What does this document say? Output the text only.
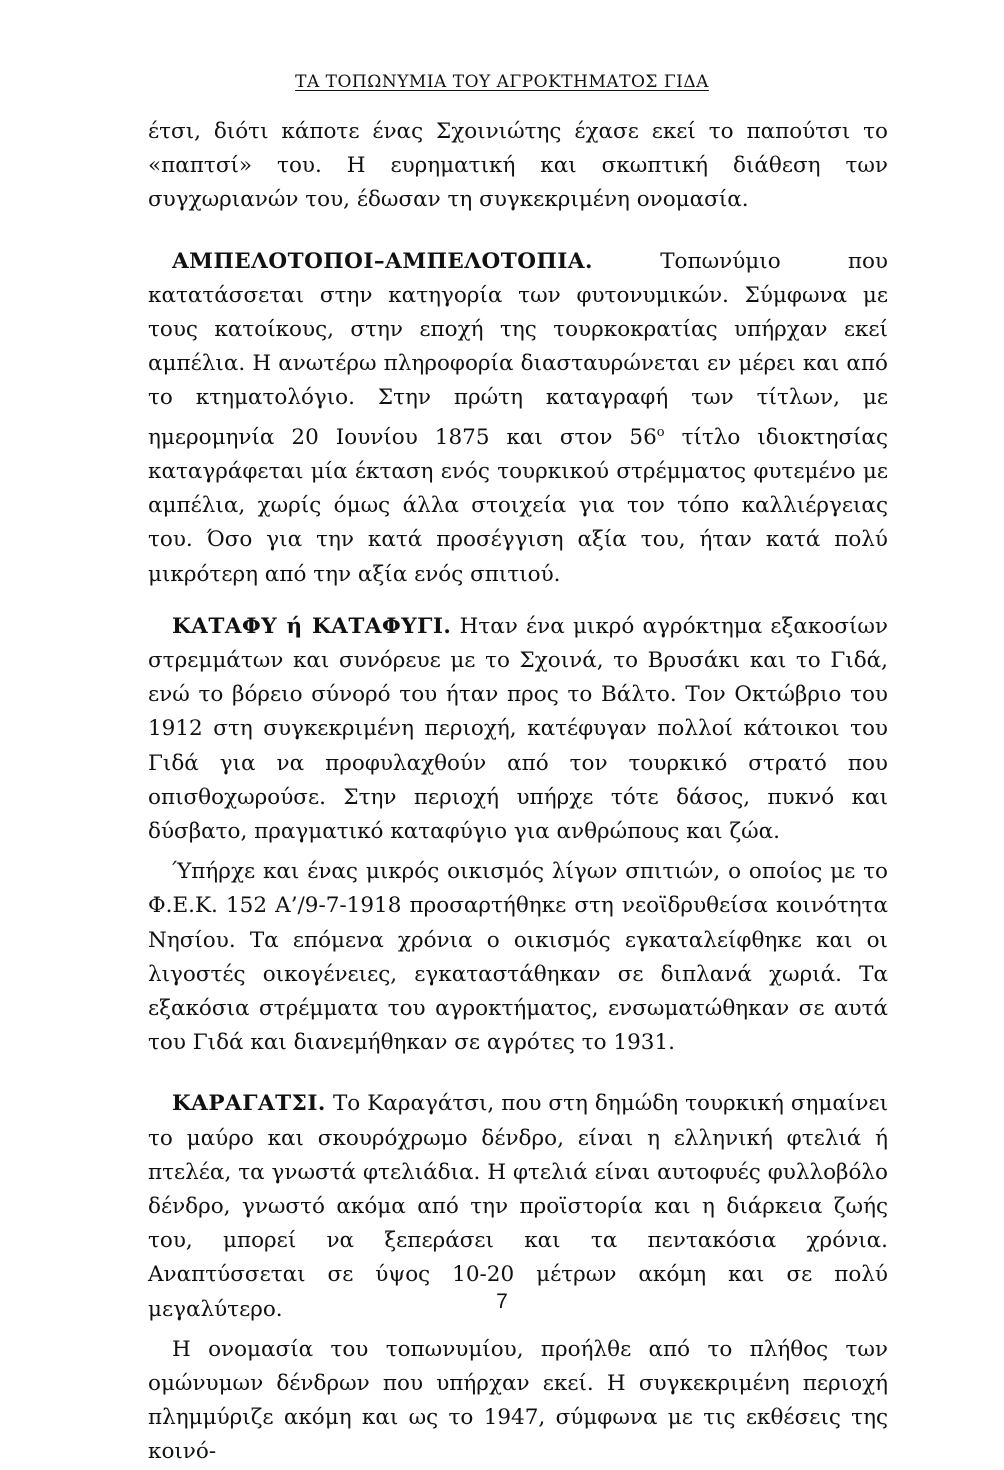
ΤΑ ΤΟΠΩΝΥΜΙΑ ΤΟΥ ΑΓΡΟΚΤΗΜΑΤΟΣ ΓΙΔΑ

έτσι, διότι κάποτε ένας Σχοινιώτης έχασε εκεί το παπούτσι το «παπτσί» του. Η ευρηματική και σκωπτική διάθεση των συγχωριανών του, έδωσαν τη συγκεκριμένη ονομασία.

ΑΜΠΕΛΟΤΟΠΟΙ–ΑΜΠΕΛΟΤΟΠΙΑ.	Τοπωνύμιο που κατατάσσεται στην κατηγορία των φυτονυμικών. Σύμφωνα με τους κατοίκους, στην εποχή της τουρκοκρατίας υπήρχαν εκεί αμπέλια. Η ανωτέρω πληροφορία διασταυρώνεται εν μέρει και από το κτηματολόγιο. Στην πρώτη καταγραφή των τίτλων, με ημερομηνία 20 Ιουνίου 1875 και στον $56^o$ τίτλο ιδιοκτησίας καταγράφεται μία έκταση ενός τουρκικού στρέμματος φυτεμένο με αμπέλια, χωρίς όμως άλλα στοιχεία για τον τόπο καλλιέργειας του. Όσο για την κατά προσέγγιση αξία του, ήταν κατά πολύ μικρότερη από την αξία ενός σπιτιού.

ΚΑΤΑΦΥ ή ΚΑΤΑΦΥΓΙ. Ηταν ένα μικρό αγρόκτημα εξακοσίων στρεμμάτων και συνόρευε με το Σχοινά, το Βρυσάκι και το Γιδά, ενώ το βόρειο σύνορό του ήταν προς το Βάλτο. Τον Οκτώβριο του 1912 στη συγκεκριμένη περιοχή, κατέφυγαν πολλοί κάτοικοι του Γιδά για να προφυλαχθούν από τον τουρκικό στρατό που οπισθοχωρούσε. Στην περιοχή υπήρχε τότε δάσος, πυκνό και δύσβατο, πραγματικό καταφύγιο για ανθρώπους και ζώα.

Ύπήρχε και ένας μικρός οικισμός λίγων σπιτιών, ο οποίος με το Φ.Ε.Κ. 152 Α’/9-7-1918 προσαρτήθηκε στη νεοϊδρυθείσα κοινότητα Νησίου. Τα επόμενα χρόνια ο οικισμός εγκαταλείφθηκε και οι λιγοστές οικογένειες, εγκαταστάθηκαν σε διπλανά χωριά. Τα εξακόσια στρέμματα του αγροκτήματος, ενσωματώθηκαν σε αυτά του Γιδά και διανεμήθηκαν σε αγρότες το 1931.

ΚΑΡΑΓΑΤΣΙ. Το Καραγάτσι, που στη δημώδη τουρκική σημαίνει το μαύρο και σκουρόχρωμο δένδρο, είναι η ελληνική φτελιά ή πτελέα, τα γνωστά φτελιάδια. Η φτελιά είναι αυτοφυές φυλλοβόλο δένδρο, γνωστό ακόμα από την προϊστορία και η διάρκεια ζωής του, μπορεί να ξεπεράσει και τα πεντακόσια χρόνια. Αναπτύσσεται σε ύψος 10-20 μέτρων ακόμη και σε πολύ μεγαλύτερο.

Η ονομασία του τοπωνυμίου, προήλθε από το πλήθος των ομώνυμων δένδρων που υπήρχαν εκεί. Η συγκεκριμένη περιοχή πλημμύριζε ακόμη και ως το 1947, σύμφωνα με τις εκθέσεις της κοινό-

7
